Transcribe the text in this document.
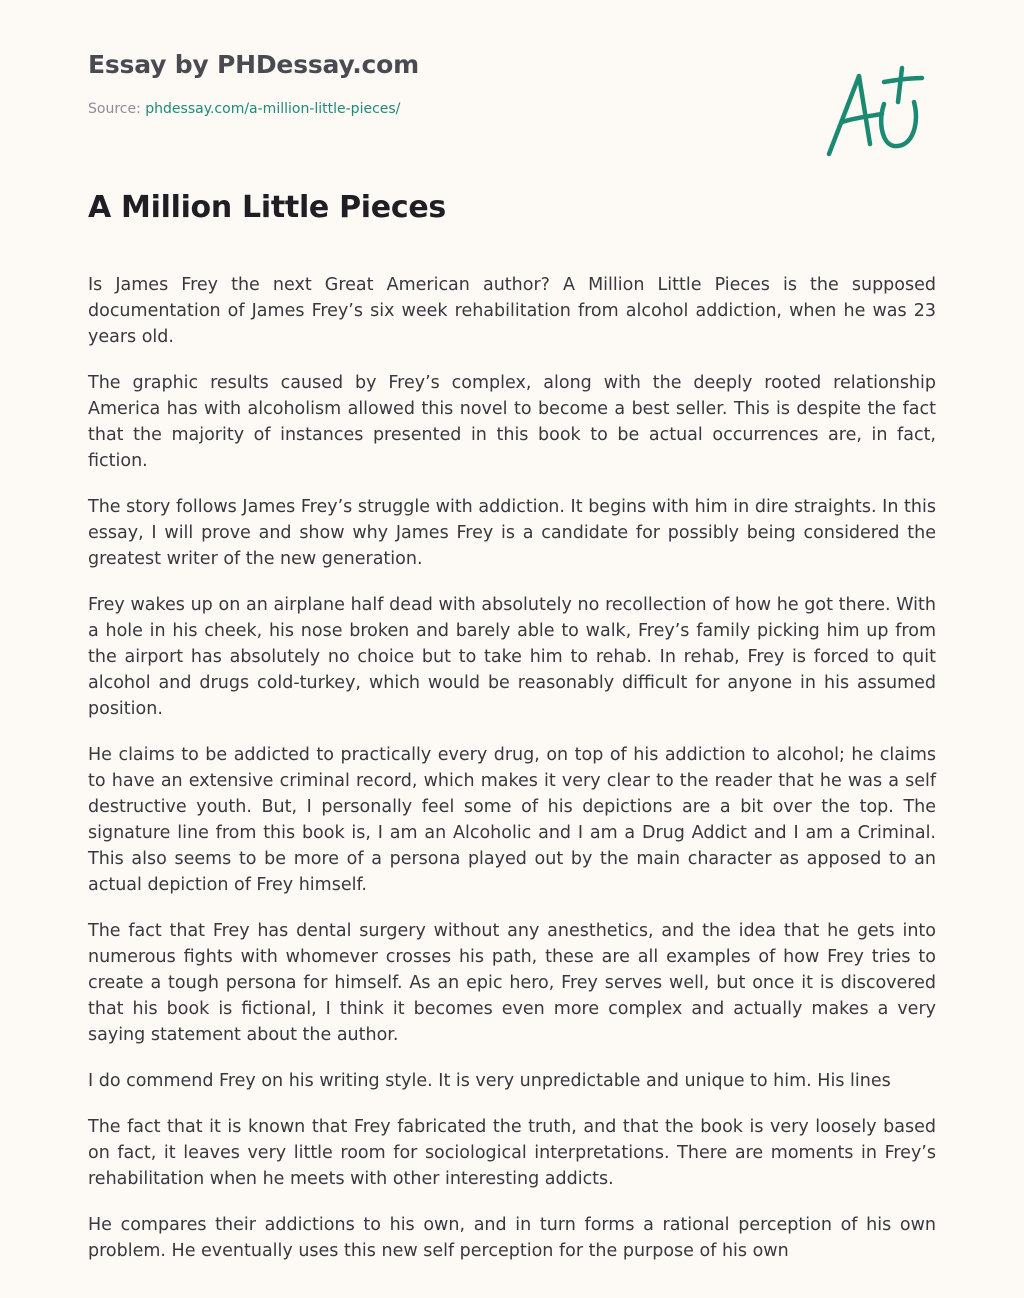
Essay by PHDessay.com
Source: phdessay.com/a-million-little-pieces/
A Million Little Pieces

Is James Frey the next Great American author? A Million Little Pieces is the supposed documentation of James Frey’s six week rehabilitation from alcohol addiction, when he was 23 years old.

The graphic results caused by Frey’s complex, along with the deeply rooted relationship America has with alcoholism allowed this novel to become a best seller. This is despite the fact that the majority of instances presented in this book to be actual occurrences are, in fact, fiction.

The story follows James Frey’s struggle with addiction. It begins with him in dire straights. In this essay, I will prove and show why James Frey is a candidate for possibly being considered the greatest writer of the new generation.

Frey wakes up on an airplane half dead with absolutely no recollection of how he got there. With a hole in his cheek, his nose broken and barely able to walk, Frey’s family picking him up from the airport has absolutely no choice but to take him to rehab. In rehab, Frey is forced to quit alcohol and drugs cold-turkey, which would be reasonably difficult for anyone in his assumed position.

He claims to be addicted to practically every drug, on top of his addiction to alcohol; he claims to have an extensive criminal record, which makes it very clear to the reader that he was a self destructive youth. But, I personally feel some of his depictions are a bit over the top. The signature line from this book is, I am an Alcoholic and I am a Drug Addict and I am a Criminal. This also seems to be more of a persona played out by the main character as apposed to an actual depiction of Frey himself.

The fact that Frey has dental surgery without any anesthetics, and the idea that he gets into numerous fights with whomever crosses his path, these are all examples of how Frey tries to create a tough persona for himself. As an epic hero, Frey serves well, but once it is discovered that his book is fictional, I think it becomes even more complex and actually makes a very saying statement about the author.

I do commend Frey on his writing style. It is very unpredictable and unique to him. His lines

The fact that it is known that Frey fabricated the truth, and that the book is very loosely based on fact, it leaves very little room for sociological interpretations. There are moments in Frey’s rehabilitation when he meets with other interesting addicts.

He compares their addictions to his own, and in turn forms a rational perception of his own problem. He eventually uses this new self perception for the purpose of his own
